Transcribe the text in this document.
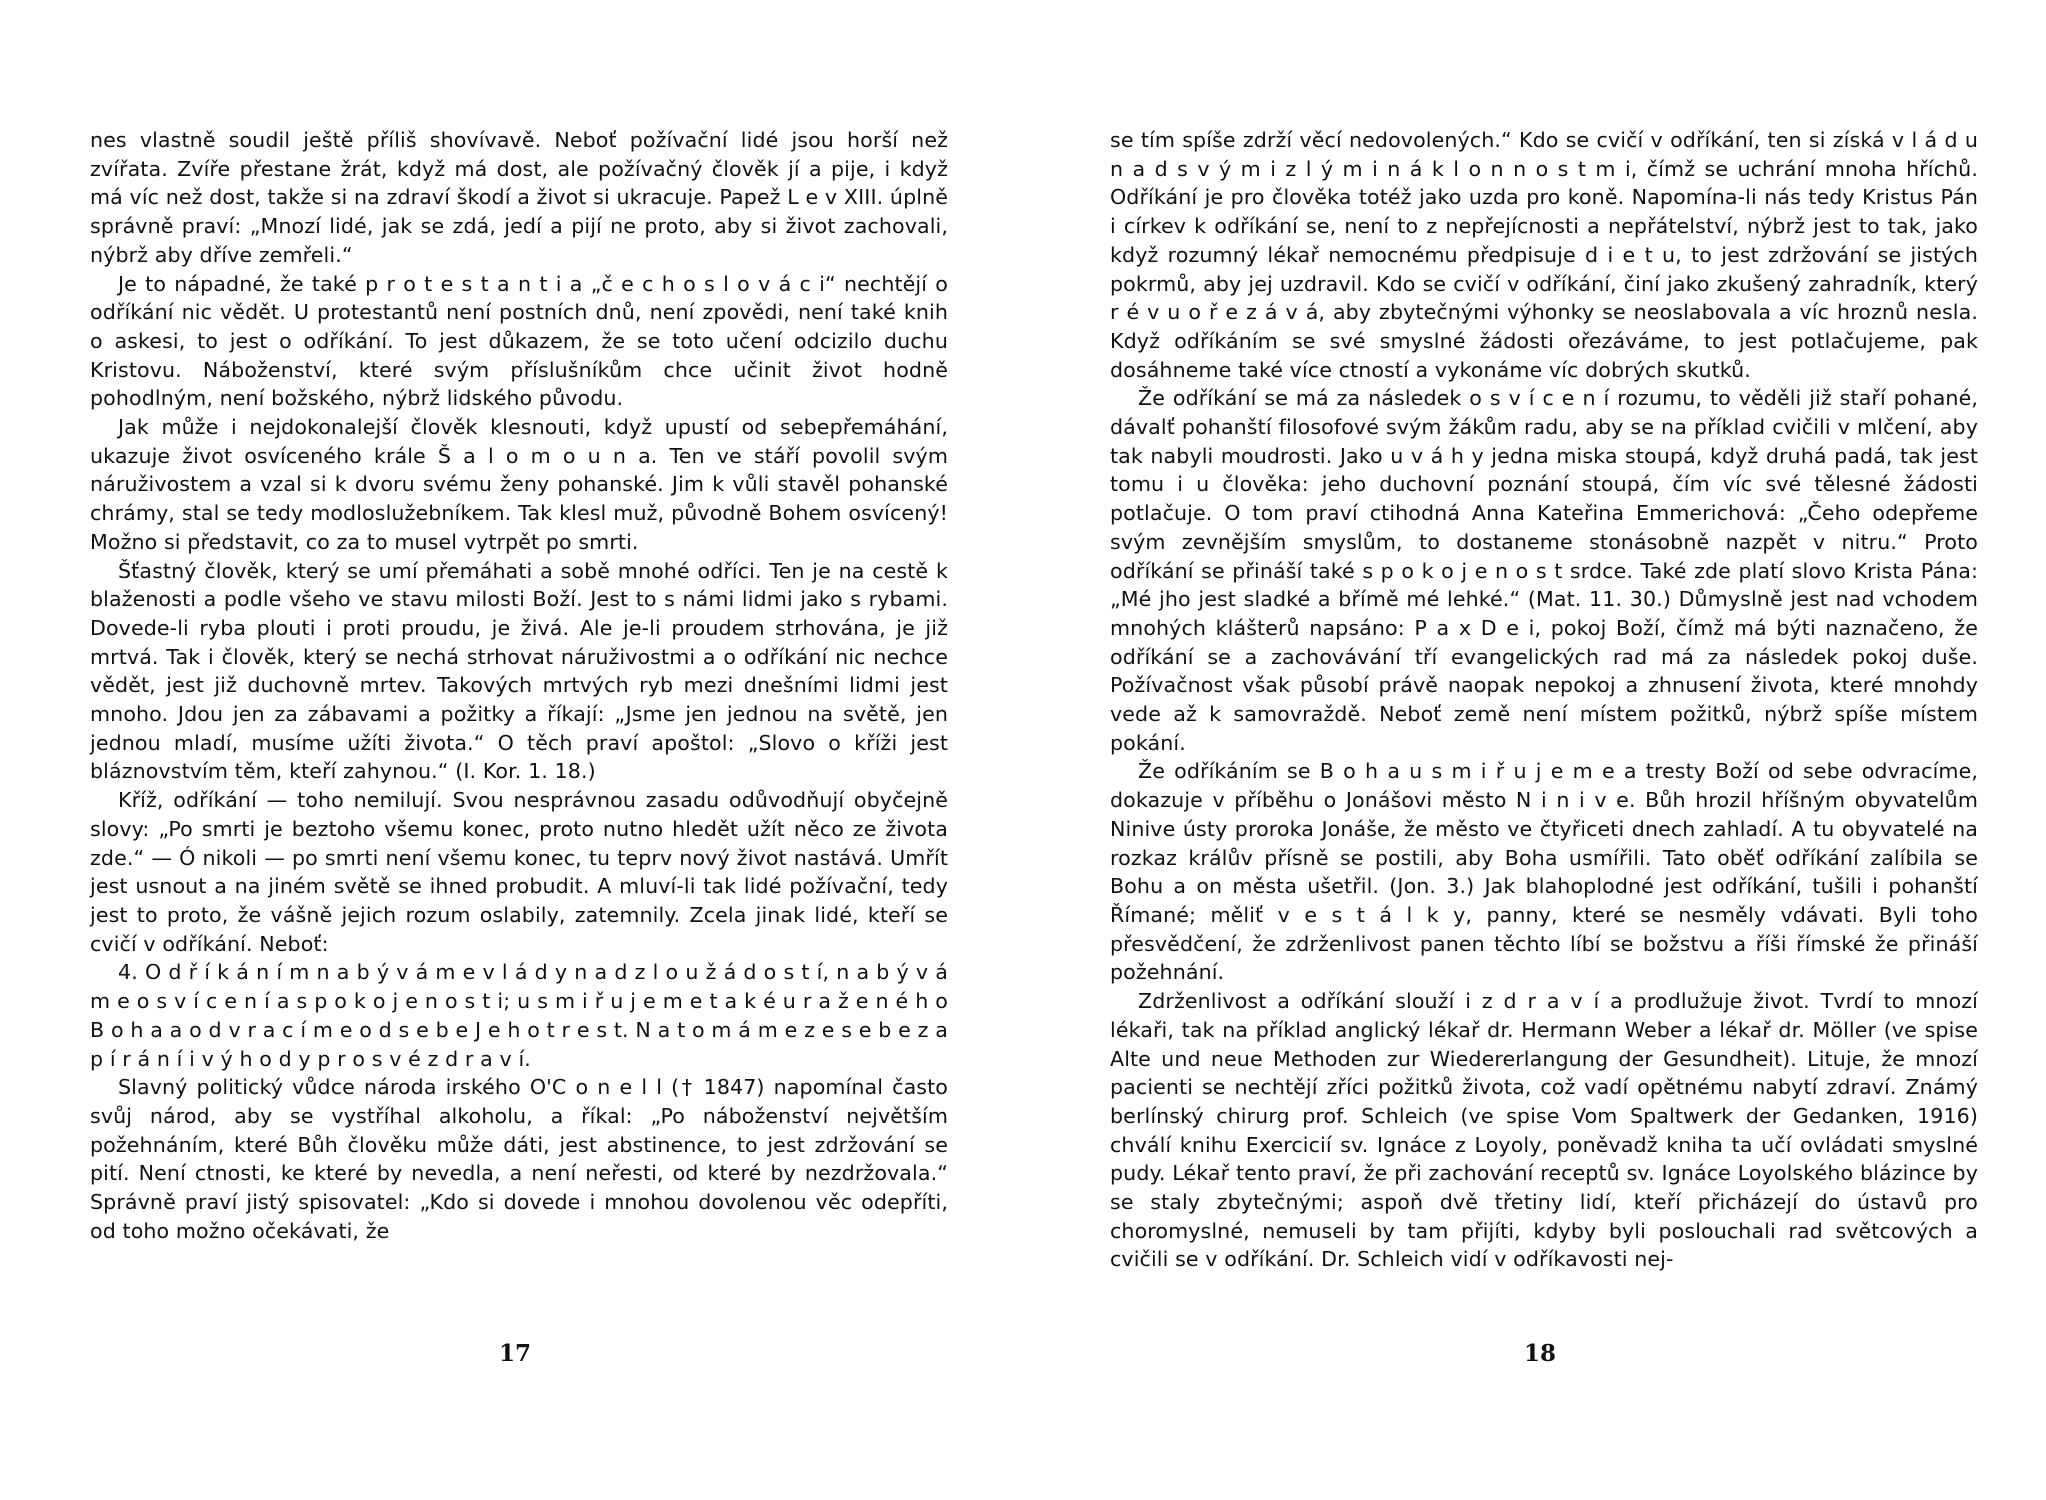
nes vlastně soudil ještě příliš shovívavě. Neboť požívační lidé jsou horší než zvířata. Zvíře přestane žrát, když má dost, ale požívačný člověk jí a pije, i když má víc než dost, takže si na zdraví škodí a život si ukracuje. Papež L e v XIII. úplně správně praví: „Mnozí lidé, jak se zdá, jedí a pijí ne proto, aby si život zachovali, nýbrž aby dříve zemřeli.“

Je to nápadné, že také p r o t e s t a n t i a „č e c h o s l o v á c i“ nechtějí o odříkání nic vědět. U protestantů není postních dnů, není zpovědi, není také knih o askesi, to jest o odříkání. To jest důkazem, že se toto učení odcizilo duchu Kristovu. Náboženství, které svým příslušníkům chce učinit život hodně pohodlným, není božského, nýbrž lidského původu.

Jak může i nejdokonalejší člověk klesnouti, když upustí od sebepřemáhání, ukazuje život osvíceného krále Š a l o m o u n a. Ten ve stáří povolil svým náruživostem a vzal si k dvoru svému ženy pohanské. Jim k vůli stavěl pohanské chrámy, stal se tedy modloslužebníkem. Tak klesl muž, původně Bohem osvícený! Možno si představit, co za to musel vytrpět po smrti.

Šťastný člověk, který se umí přemáhati a sobě mnohé odříci. Ten je na cestě k blaženosti a podle všeho ve stavu milosti Boží. Jest to s námi lidmi jako s rybami. Dovede-li ryba plouti i proti proudu, je živá. Ale je-li proudem strhována, je již mrtvá. Tak i člověk, který se nechá strhovat náruživostmi a o odříkání nic nechce vědět, jest již duchovně mrtev. Takových mrtvých ryb mezi dnešními lidmi jest mnoho. Jdou jen za zábavami a požitky a říkají: „Jsme jen jednou na světě, jen jednou mladí, musíme užíti života.“ O těch praví apoštol: „Slovo o kříži jest bláznovstvím těm, kteří zahynou.“ (I. Kor. 1. 18.)

Kříž, odříkání — toho nemilují. Svou nesprávnou zasadu odůvodňují obyčejně slovy: „Po smrti je beztoho všemu konec, proto nutno hledět užít něco ze života zde.“ — Ó nikoli — po smrti není všemu konec, tu teprv nový život nastává. Umřít jest usnout a na jiném světě se ihned probudit. A mluví-li tak lidé požívační, tedy jest to proto, že vášně jejich rozum oslabily, zatemnily. Zcela jinak lidé, kteří se cvičí v odříkání. Neboť:

4. O d ř í k á n í m n a b ý v á m e v l á d y n a d z l o u ž á d o s t í, n a b ý v á m e o s v í c e n í a s p o k o j e n o s t i; u s m i ř u j e m e t a k é u r a ž e n é h o B o h a a o d v r a c í m e o d s e b e J e h o t r e s t. N a t o m á m e z e s e b e z a p í r á n í i v ý h o d y p r o s v é z d r a v í.

Slavný politický vůdce národa irského O'C o n e l l († 1847) napomínal často svůj národ, aby se vystříhal alkoholu, a říkal: „Po náboženství největším požehnáním, které Bůh člověku může dáti, jest abstinence, to jest zdržování se pití. Není ctnosti, ke které by nevedla, a není neřesti, od které by nezdržovala.“ Správně praví jistý spisovatel: „Kdo si dovede i mnohou dovolenou věc odepříti, od toho možno očekávati, že

se tím spíše zdrží věcí nedovolených.“ Kdo se cvičí v odříkání, ten si získá v l á d u n a d s v ý m i z l ý m i n á k l o n n o s t m i, čímž se uchrání mnoha hříchů. Odříkání je pro člověka totéž jako uzda pro koně. Napomína-li nás tedy Kristus Pán i církev k odříkání se, není to z nepřejícnosti a nepřátelství, nýbrž jest to tak, jako když rozumný lékař nemocnému předpisuje d i e t u, to jest zdržování se jistých pokrmů, aby jej uzdravil. Kdo se cvičí v odříkání, činí jako zkušený zahradník, který r é v u o ř e z á v á, aby zbytečnými výhonky se neoslabovala a víc hroznů nesla. Když odříkáním se své smyslné žádosti ořezáváme, to jest potlačujeme, pak dosáhneme také více ctností a vykonáme víc dobrých skutků.

Že odříkání se má za následek o s v í c e n í rozumu, to věděli již staří pohané, dávalť pohanští filosofové svým žákům radu, aby se na příklad cvičili v mlčení, aby tak nabyli moudrosti. Jako u v á h y jedna miska stoupá, když druhá padá, tak jest tomu i u člověka: jeho duchovní poznání stoupá, čím víc své tělesné žádosti potlačuje. O tom praví ctihodná Anna Kateřina Emmerichová: „Čeho odepřeme svým zevnějším smyslům, to dostaneme stonásobně nazpět v nitru.“ Proto odříkání se přináší také s p o k o j e n o s t srdce. Také zde platí slovo Krista Pána: „Mé jho jest sladké a břímě mé lehké.“ (Mat. 11. 30.) Důmyslně jest nad vchodem mnohých klášterů napsáno: P a x D e i, pokoj Boží, čímž má býti naznačeno, že odříkání se a zachovávání tří evangelických rad má za následek pokoj duše. Požívačnost však působí právě naopak nepokoj a zhnusení života, které mnohdy vede až k samovraždě. Neboť země není místem požitků, nýbrž spíše místem pokání.

Že odříkáním se B o h a u s m i ř u j e m e a tresty Boží od sebe odvracíme, dokazuje v příběhu o Jonášovi město N i n i v e. Bůh hrozil hříšným obyvatelům Ninive ústy proroka Jonáše, že město ve čtyřiceti dnech zahladí. A tu obyvatelé na rozkaz králův přísně se postili, aby Boha usmířili. Tato oběť odříkání zalíbila se Bohu a on města ušetřil. (Jon. 3.) Jak blahoplodné jest odříkání, tušili i pohanští Římané; měliť v e s t á l k y, panny, které se nesměly vdávati. Byli toho přesvědčení, že zdrženlivost panen těchto líbí se božstvu a říši římské že přináší požehnání.

Zdrženlivost a odříkání slouží i z d r a v í a prodlužuje život. Tvrdí to mnozí lékaři, tak na příklad anglický lékař dr. Hermann Weber a lékař dr. Möller (ve spise Alte und neue Methoden zur Wiedererlangung der Gesundheit). Lituje, že mnozí pacienti se nechtějí zříci požitků života, což vadí opětnému nabytí zdraví. Známý berlínský chirurg prof. Schleich (ve spise Vom Spaltwerk der Gedanken, 1916) chválí knihu Exercicií sv. Ignáce z Loyoly, poněvadž kniha ta učí ovládati smyslné pudy. Lékař tento praví, že při zachování receptů sv. Ignáce Loyolského blázince by se staly zbytečnými; aspoň dvě třetiny lidí, kteří přicházejí do ústavů pro choromyslné, nemuseli by tam přijíti, kdyby byli poslouchali rad světcových a cvičili se v odříkání. Dr. Schleich vidí v odříkavosti nej-

17	18
